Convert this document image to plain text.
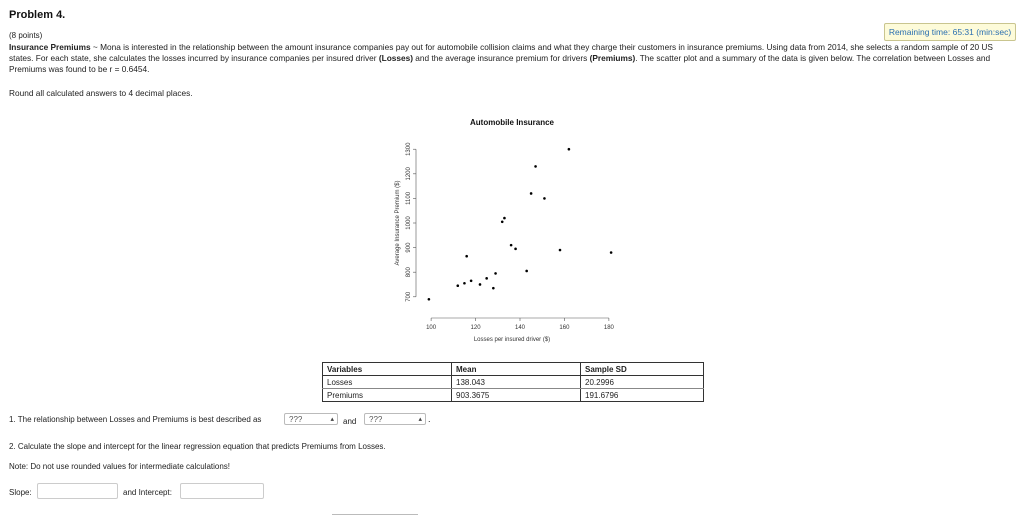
Problem 4.
Remaining time: 65:31 (min:sec)
(8 points)
Insurance Premiums ~ Mona is interested in the relationship between the amount insurance companies pay out for automobile collision claims and what they charge their customers in insurance premiums. Using data from 2014, she selects a random sample of 20 US states. For each state, she calculates the losses incurred by insurance companies per insured driver (Losses) and the average insurance premium for drivers (Premiums). The scatter plot and a summary of the data is given below. The correlation between Losses and Premiums was found to be r = 0.6454.
Round all calculated answers to 4 decimal places.
Automobile Insurance
100	120	140	160	180
700
800
900
1000
1100
1200
1300
Losses per insured driver ($)
Average Insurance Premium ($)
Variables	Mean	Sample SD
Losses	138.043	20.2996
Premiums	903.3675	191.6796
1. The relationship between Losses and Premiums is best described as	???	▴ and	???	▴ .
2. Calculate the slope and intercept for the linear regression equation that predicts Premiums from Losses.
Note: Do not use rounded values for intermediate calculations!
Slope:	and Intercept:
